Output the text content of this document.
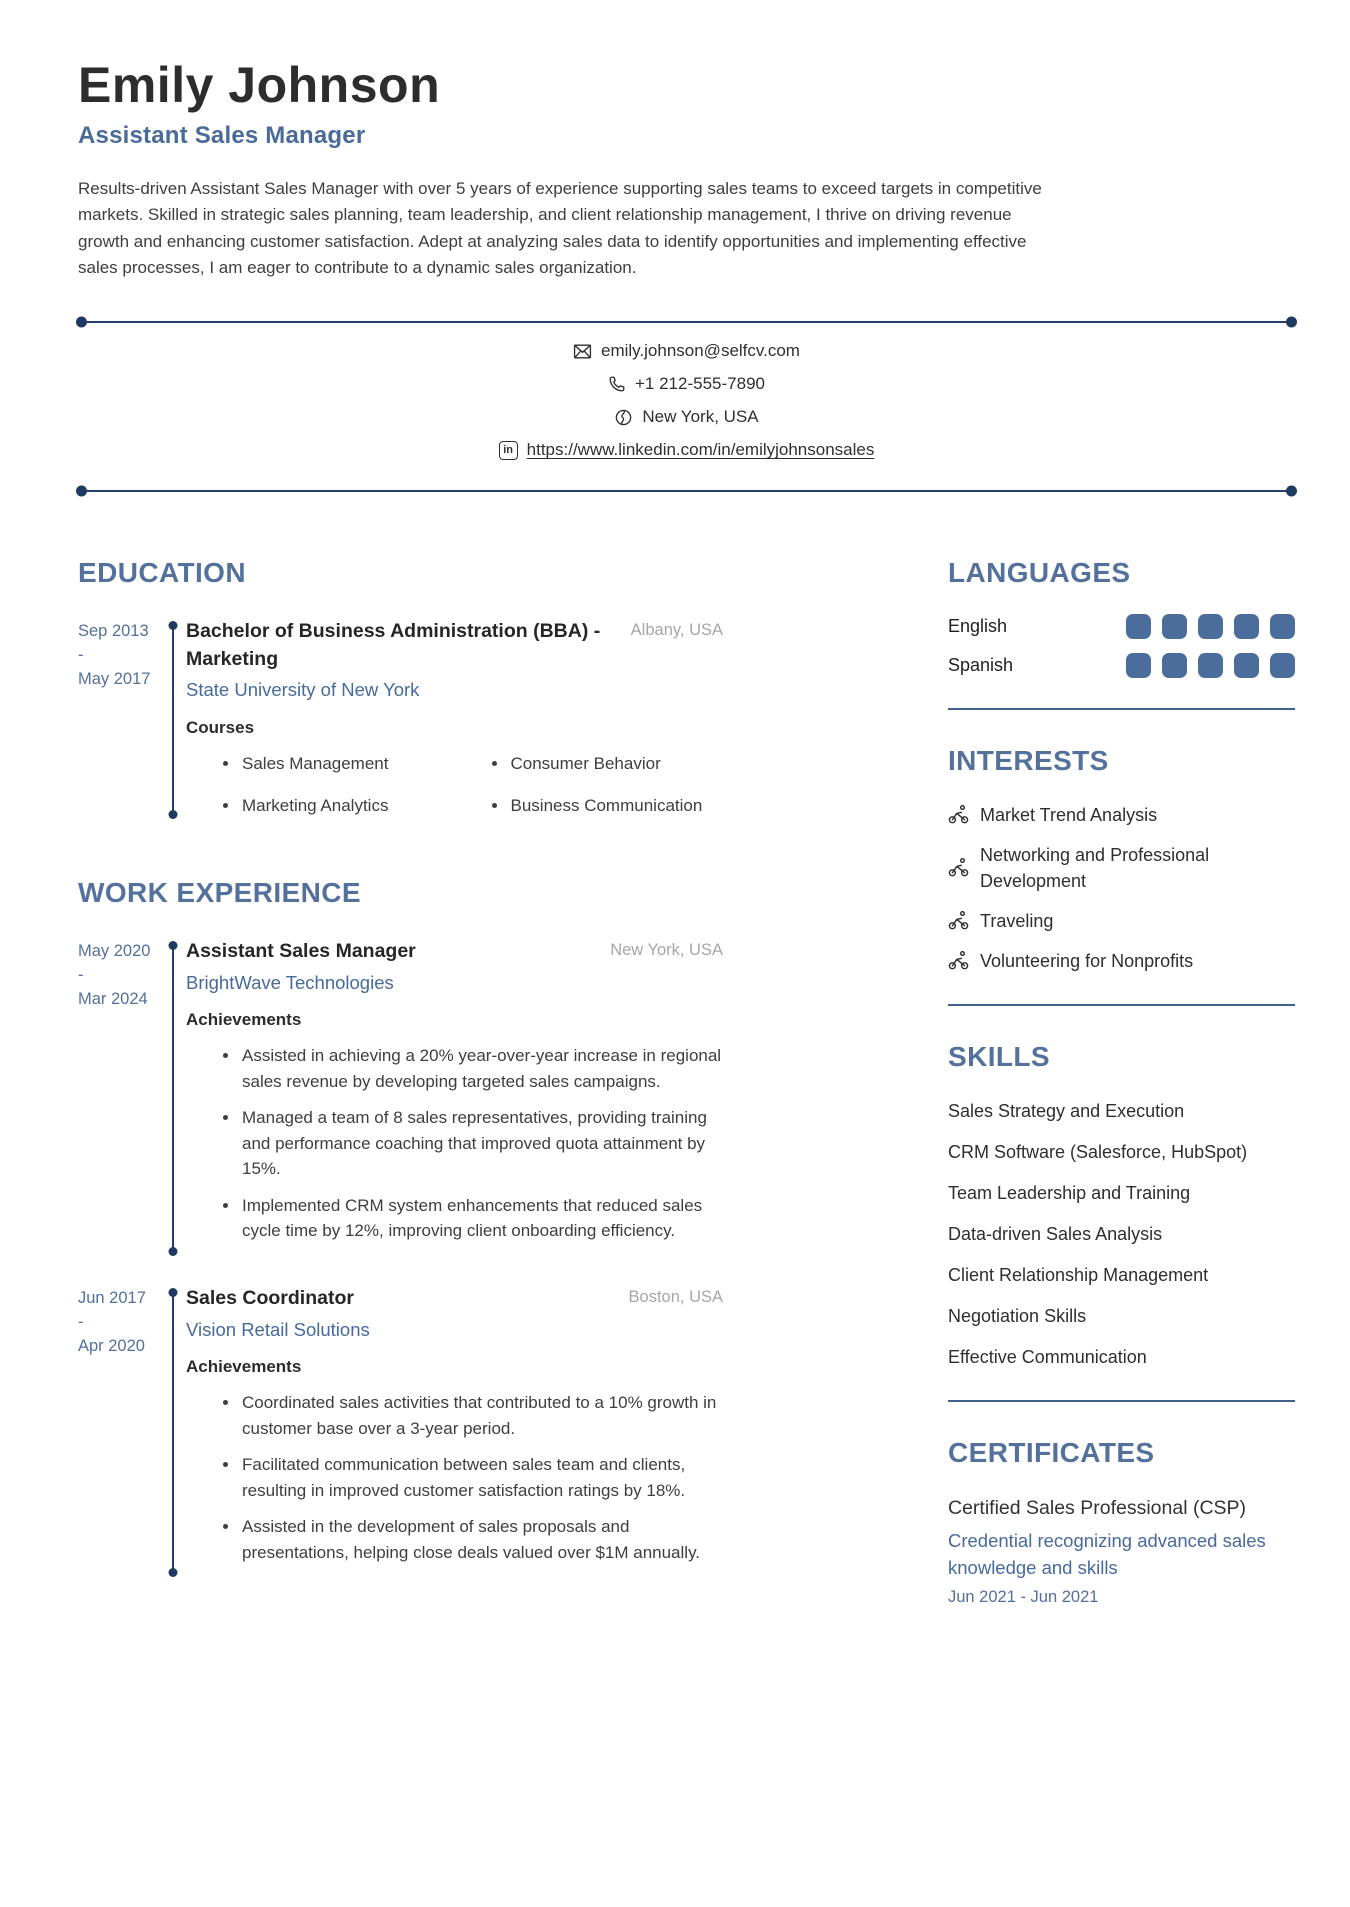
Emily Johnson
Assistant Sales Manager

Results-driven Assistant Sales Manager with over 5 years of experience supporting sales teams to exceed targets in competitive markets. Skilled in strategic sales planning, team leadership, and client relationship management, I thrive on driving revenue growth and enhancing customer satisfaction. Adept at analyzing sales data to identify opportunities and implementing effective sales processes, I am eager to contribute to a dynamic sales organization.

emily.johnson@selfcv.com
+1 212-555-7890
New York, USA
in https://www.linkedin.com/in/emilyjohnsonsales
EDUCATION
Sep 2013
-
May 2017
Bachelor of Business Administration (BBA) - Marketing
Albany, USA
State University of New York
Courses
Sales Management	Consumer Behavior
Marketing Analytics	Business Communication
WORK EXPERIENCE
May 2020
-
Mar 2024
Assistant Sales Manager	New York, USA
BrightWave Technologies
Achievements
Assisted in achieving a 20% year-over-year increase in regional sales revenue by developing targeted sales campaigns.
Managed a team of 8 sales representatives, providing training and performance coaching that improved quota attainment by 15%.
Implemented CRM system enhancements that reduced sales cycle time by 12%, improving client onboarding efficiency.
Jun 2017
-
Apr 2020
Sales Coordinator	Boston, USA
Vision Retail Solutions
Achievements
Coordinated sales activities that contributed to a 10% growth in customer base over a 3-year period.
Facilitated communication between sales team and clients, resulting in improved customer satisfaction ratings by 18%.
Assisted in the development of sales proposals and presentations, helping close deals valued over $1M annually.
LANGUAGES
English
Spanish
INTERESTS
Market Trend Analysis
Networking and Professional Development
Traveling
Volunteering for Nonprofits
SKILLS
Sales Strategy and Execution
CRM Software (Salesforce, HubSpot)
Team Leadership and Training
Data-driven Sales Analysis
Client Relationship Management
Negotiation Skills
Effective Communication
CERTIFICATES
Certified Sales Professional (CSP)
Credential recognizing advanced sales knowledge and skills
Jun 2021 - Jun 2021
